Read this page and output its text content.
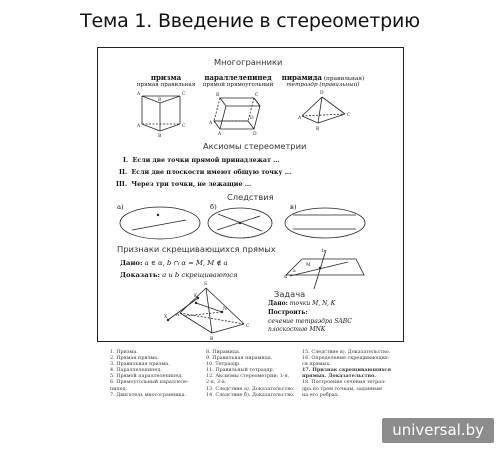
Тема 1. Введение в стереометрию
Многогранники
Аксиомы стереометрии
Следствия
Признаки скрещивающихся прямых
Задача
призма
прямая правильная
параллелепипед
прямой прямоугольный
пирамида (правильная)
тетраэдр (правильный)
I. Если две точки прямой принадлежат ...
II. Если две плоскости имеют общую точку ...
III. Через три точки, не лежащие ...
а)	б)	в)
Дано: a ∈ α, b ∩ α = M, M ∉ a
Доказать: a и b скрещиваются
Дано: точки M, N, K
Построить:
сечение тетраэдра SABC
плоскостью MNK
A	C
B
A	C
B
B	C
A
D
A	D
D
A
C
B
S
A
C
B
K
N
X
b
M
a
α
1. Призма.
2. Прямая призма.
3. Правильная призма.
4. Параллелепипед.
5. Прямой параллелепипед.
6. Прямоугольный параллеле-
пипед.
7. Двигатель многогранника.
8. Пирамида.
9. Правильная пирамида.
10. Тетраэдр.
11. Правильный тетраэдр.
12. Аксиомы стереометрии: 1-я,
2-я, 3-я.
13. Следствие а). Доказательство.
14. Следствие б). Доказательство.
15. Следствие в). Доказательство.
16. Определение скрещивающих-
ся прямых.
17. Признак скрещивающихся
прямых. Доказательство.
18. Построение сечения тетраэ-
дра по трем точкам, заданным
на его ребрах.
universal.by
